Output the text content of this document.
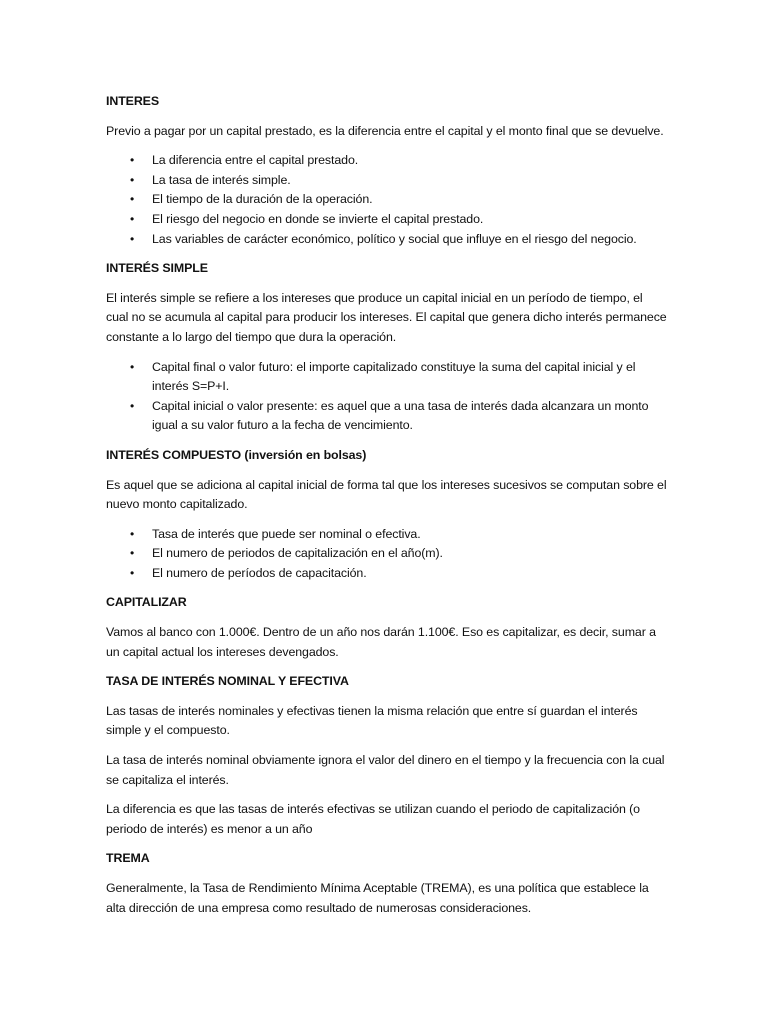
INTERES

Previo a pagar por un capital prestado, es la diferencia entre el capital y el monto final que se devuelve.

• La diferencia entre el capital prestado.
• La tasa de interés simple.
• El tiempo de la duración de la operación.
• El riesgo del negocio en donde se invierte el capital prestado.
• Las variables de carácter económico, político y social que influye en el riesgo del negocio.
INTERÉS SIMPLE

El interés simple se refiere a los intereses que produce un capital inicial en un período de tiempo, el cual no se acumula al capital para producir los intereses. El capital que genera dicho interés permanece constante a lo largo del tiempo que dura la operación.

• Capital final o valor futuro: el importe capitalizado constituye la suma del capital inicial y el interés S=P+I.
• Capital inicial o valor presente: es aquel que a una tasa de interés dada alcanzara un monto igual a su valor futuro a la fecha de vencimiento.
INTERÉS COMPUESTO (inversión en bolsas)

Es aquel que se adiciona al capital inicial de forma tal que los intereses sucesivos se computan sobre el nuevo monto capitalizado.

• Tasa de interés que puede ser nominal o efectiva.
• El numero de periodos de capitalización en el año(m).
• El numero de períodos de capacitación.
CAPITALIZAR

Vamos al banco con 1.000€. Dentro de un año nos darán 1.100€. Eso es capitalizar, es decir, sumar a un capital actual los intereses devengados.

TASA DE INTERÉS NOMINAL Y EFECTIVA

Las tasas de interés nominales y efectivas tienen la misma relación que entre sí guardan el interés simple y el compuesto.

La tasa de interés nominal obviamente ignora el valor del dinero en el tiempo y la frecuencia con la cual se capitaliza el interés.

La diferencia es que las tasas de interés efectivas se utilizan cuando el periodo de capitalización (o periodo de interés) es menor a un año

TREMA

Generalmente, la Tasa de Rendimiento Mínima Aceptable (TREMA), es una política que establece la alta dirección de una empresa como resultado de numerosas consideraciones.
